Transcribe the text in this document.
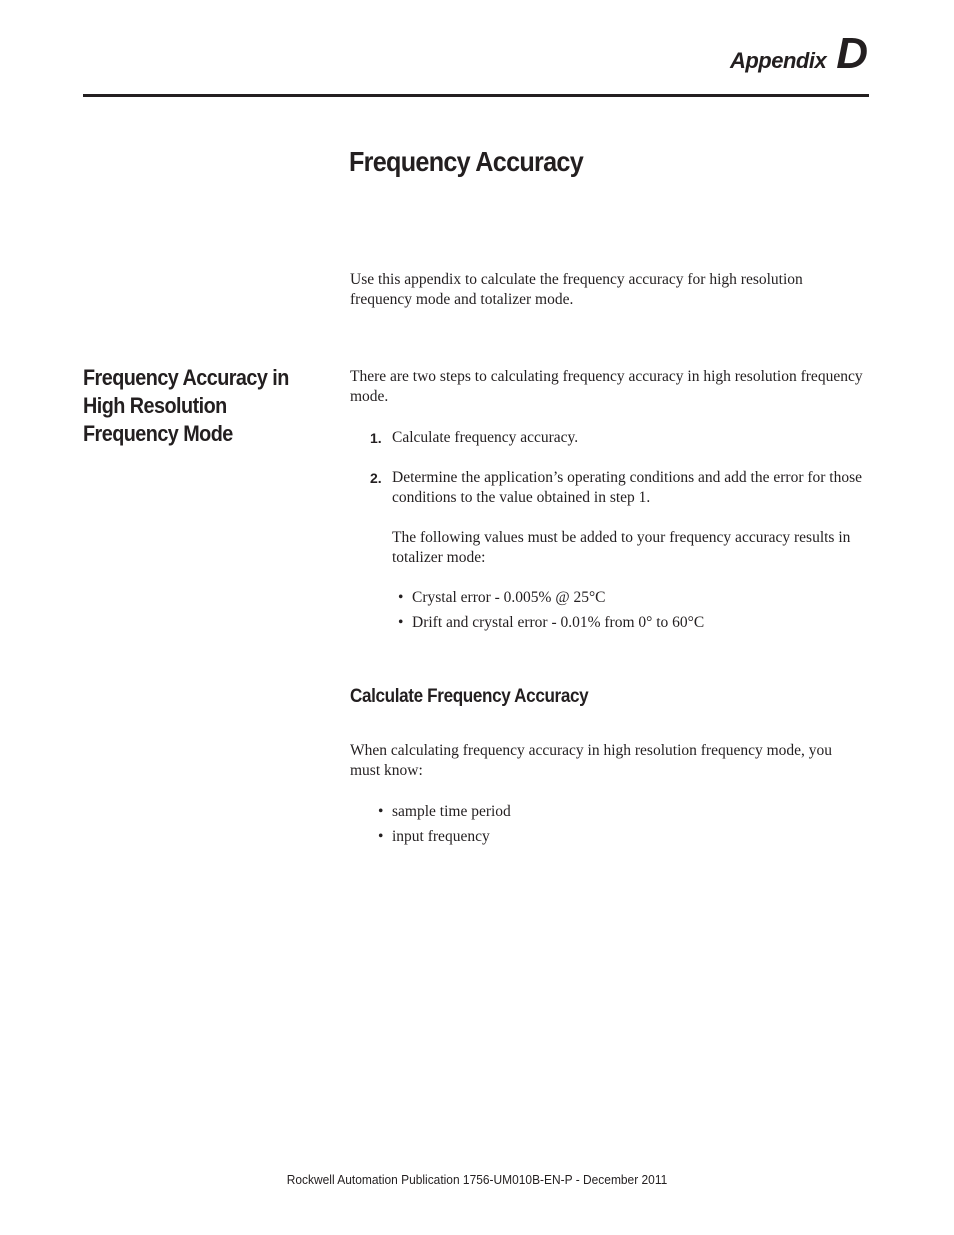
Appendix D
Frequency Accuracy

Use this appendix to calculate the frequency accuracy for high resolution frequency mode and totalizer mode.

Frequency Accuracy in High Resolution Frequency Mode

There are two steps to calculating frequency accuracy in high resolution frequency mode.

1. Calculate frequency accuracy.
2. Determine the application’s operating conditions and add the error for those conditions to the value obtained in step 1.
The following values must be added to your frequency accuracy results in totalizer mode:
• Crystal error - 0.005% @ 25°C
• Drift and crystal error - 0.01% from 0° to 60°C
Calculate Frequency Accuracy

When calculating frequency accuracy in high resolution frequency mode, you must know:

• sample time period
• input frequency
Rockwell Automation Publication 1756-UM010B-EN-P - December 2011
